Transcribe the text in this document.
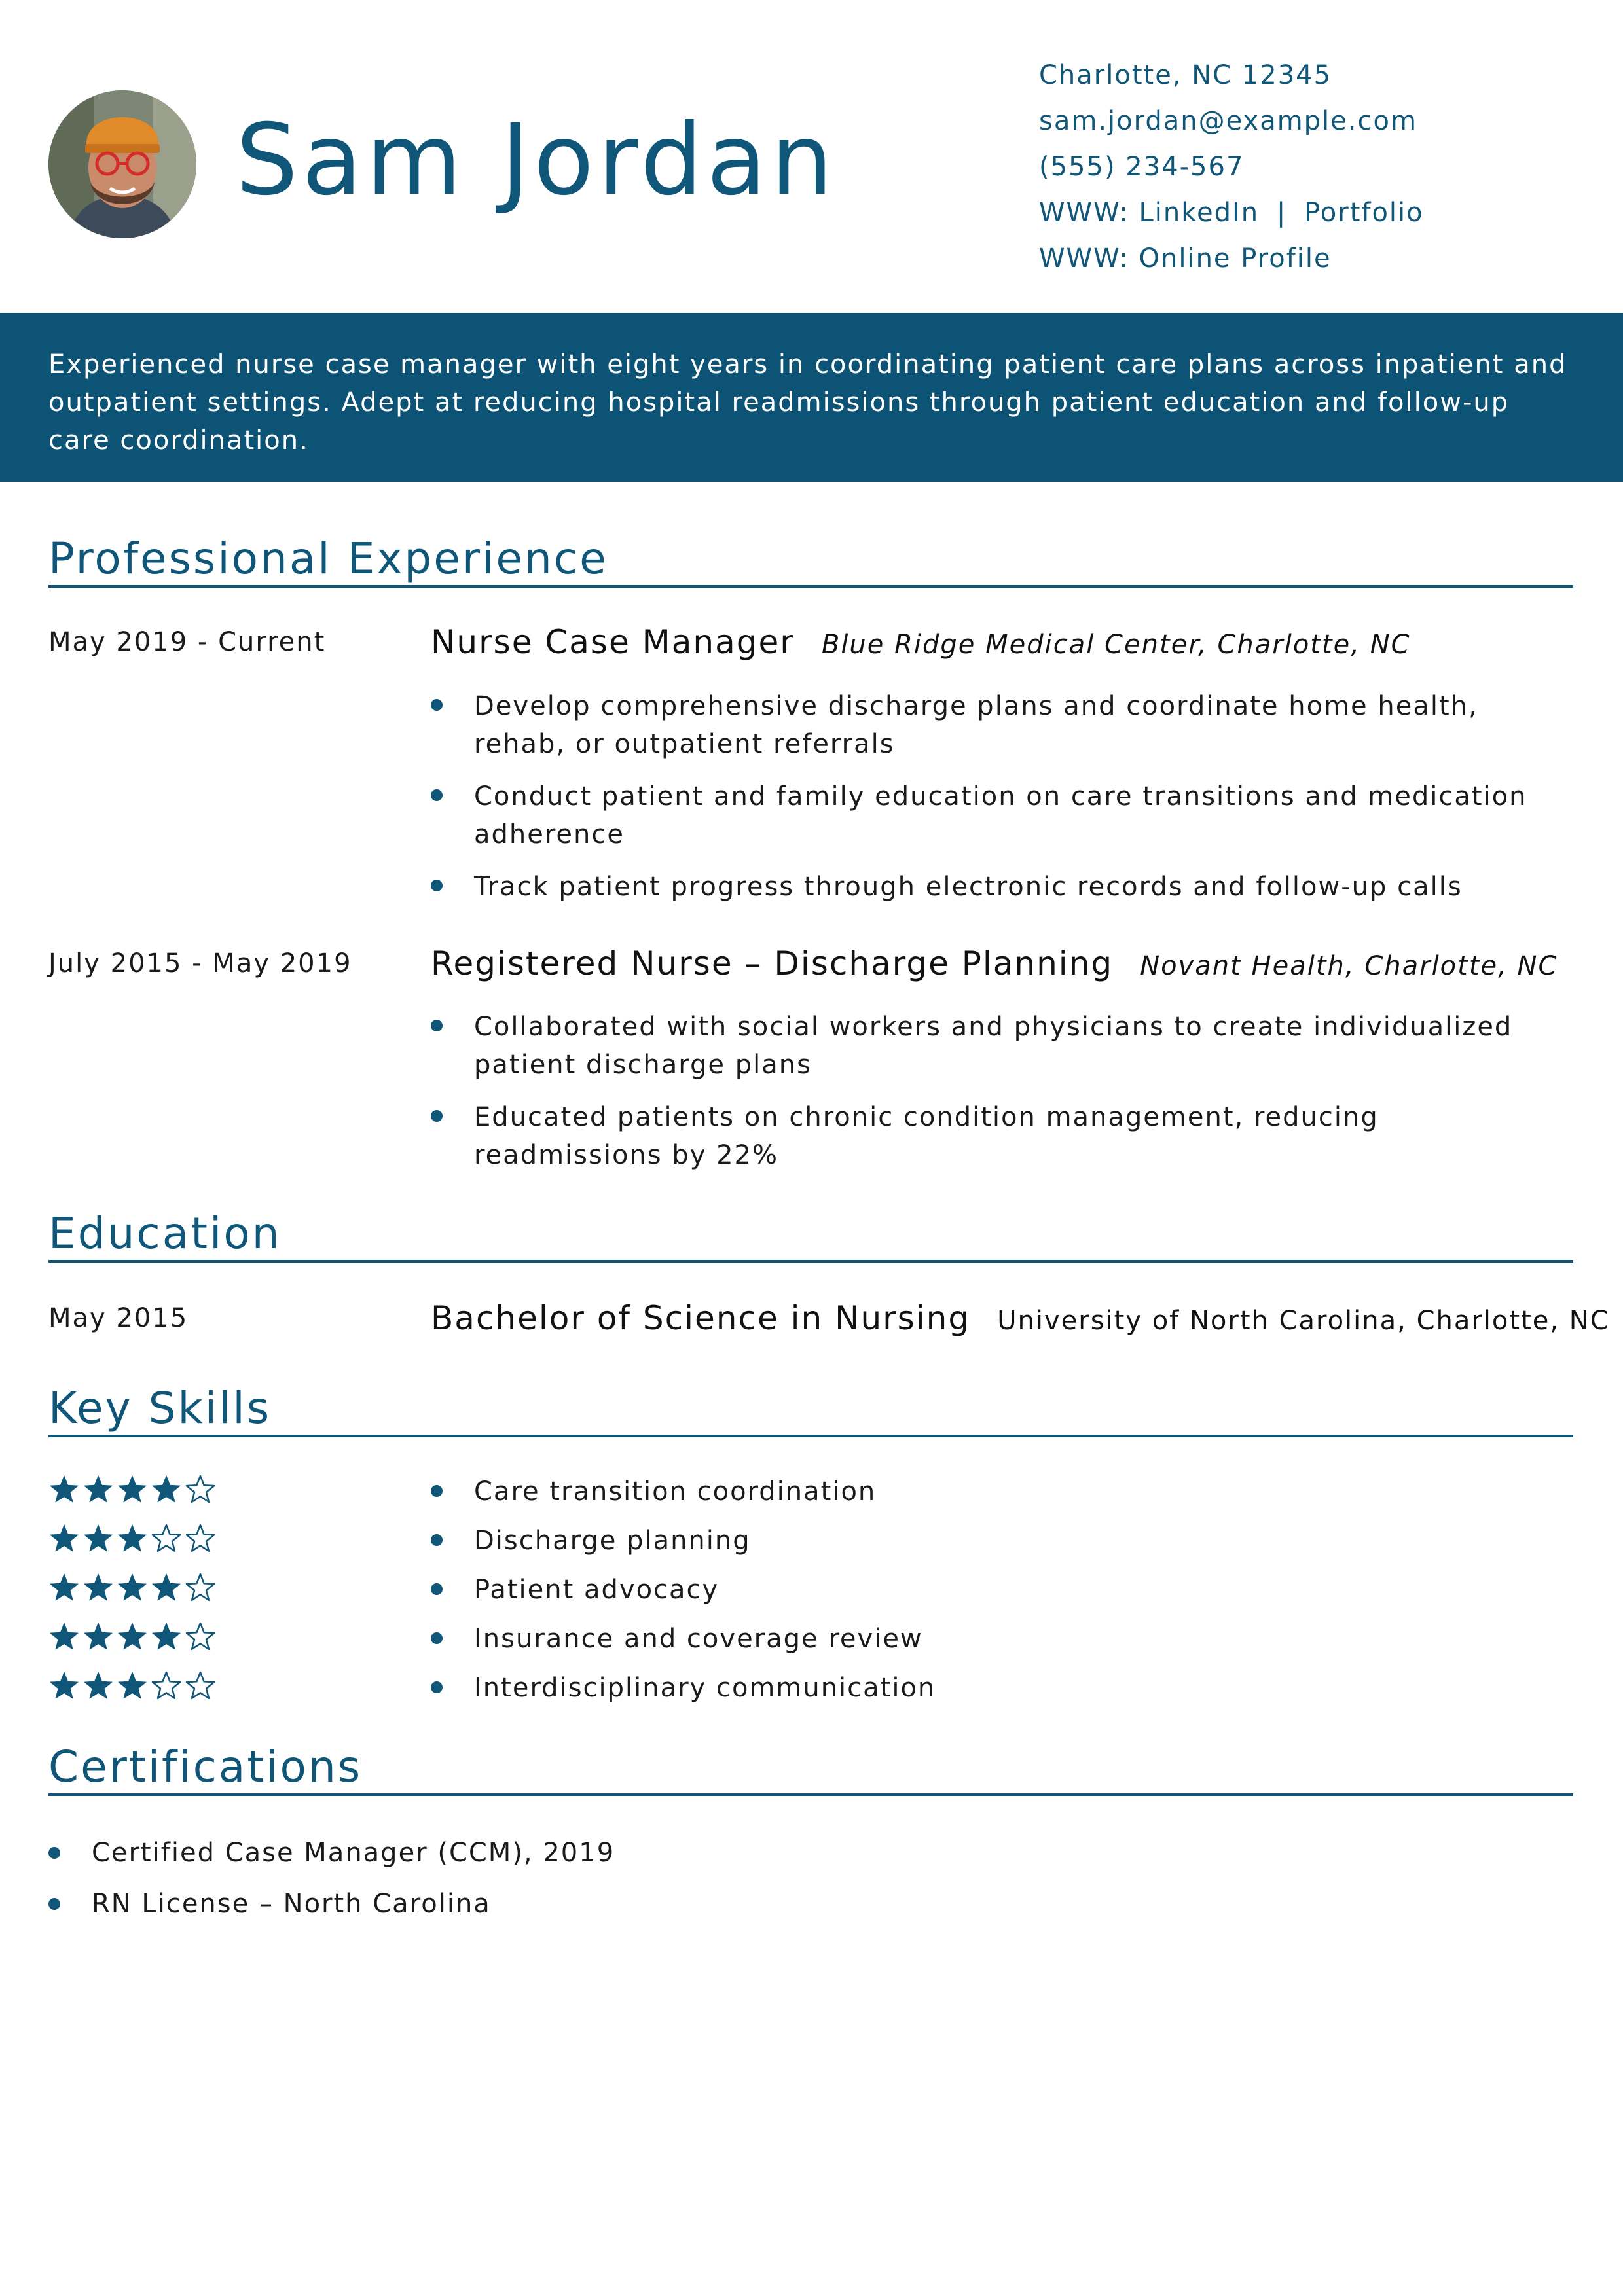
Sam Jordan
Charlotte, NC 12345
sam.jordan@example.com
(555) 234-567
WWW: LinkedIn | Portfolio
WWW: Online Profile

Experienced nurse case manager with eight years in coordinating patient care plans across inpatient and outpatient settings. Adept at reducing hospital readmissions through patient education and follow-up care coordination.

Professional Experience
May 2019 - Current	Nurse Case Manager Blue Ridge Medical Center, Charlotte, NC
Develop comprehensive discharge plans and coordinate home health, rehab, or outpatient referrals
Conduct patient and family education on care transitions and medication adherence
Track patient progress through electronic records and follow-up calls
July 2015 - May 2019 Registered Nurse – Discharge Planning Novant Health, Charlotte, NC
Collaborated with social workers and physicians to create individualized patient discharge plans
Educated patients on chronic condition management, reducing readmissions by 22%
Education
May 2015	Bachelor of Science in Nursing University of North Carolina, Charlotte, NC
Key Skills
Care transition coordination
Discharge planning
Patient advocacy
Insurance and coverage review
Interdisciplinary communication
Certifications
Certified Case Manager (CCM), 2019
RN License – North Carolina
